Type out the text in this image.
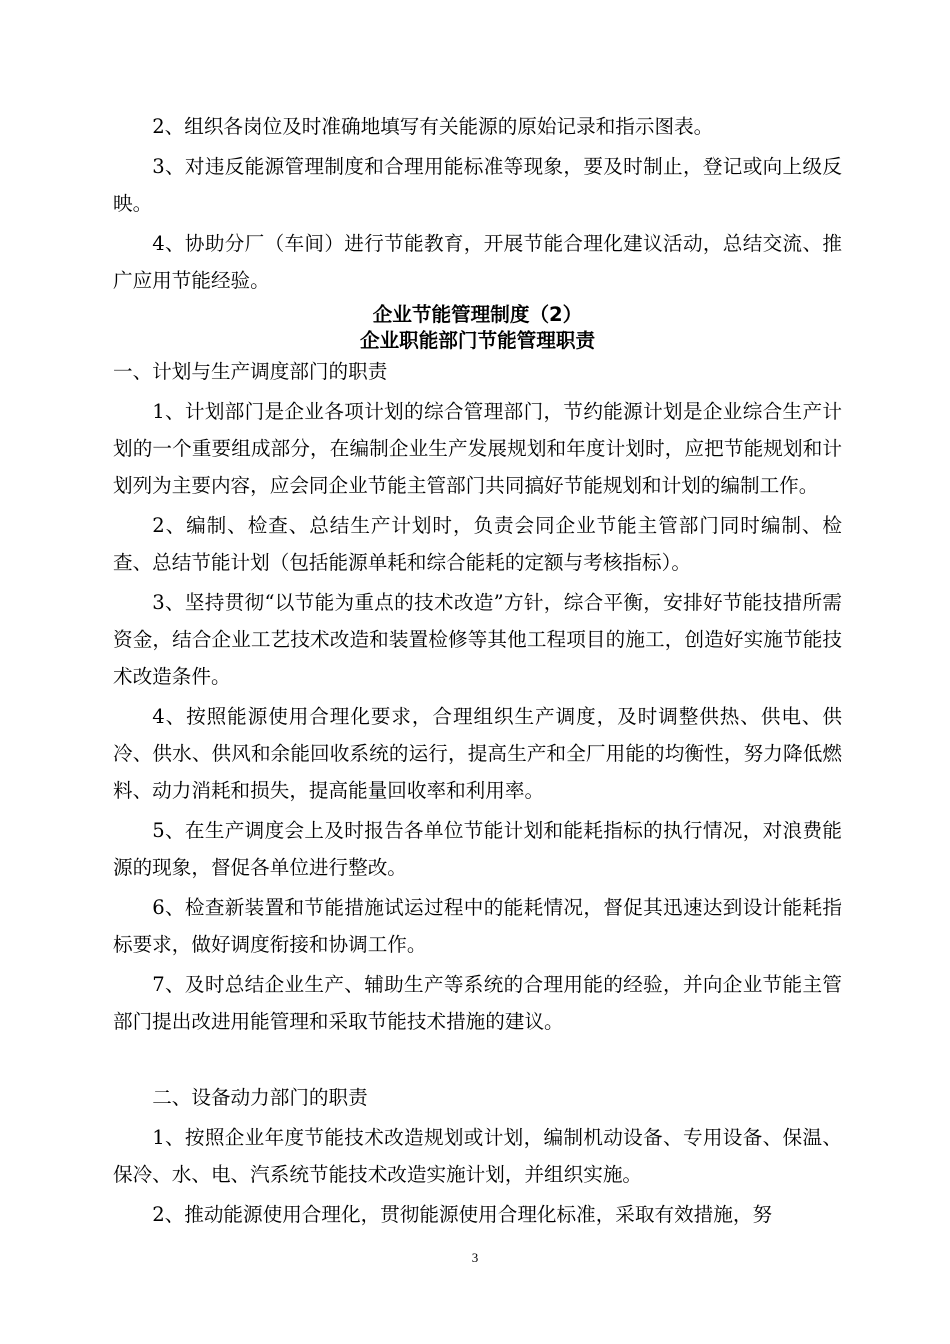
2、组织各岗位及时准确地填写有关能源的原始记录和指示图表。

3、对违反能源管理制度和合理用能标准等现象，要及时制止，登记或向上级反映。

4、协助分厂（车间）进行节能教育，开展节能合理化建议活动，总结交流、推广应用节能经验。

企业节能管理制度（2）
企业职能部门节能管理职责
一、计划与生产调度部门的职责

1、计划部门是企业各项计划的综合管理部门，节约能源计划是企业综合生产计划的一个重要组成部分，在编制企业生产发展规划和年度计划时，应把节能规划和计划列为主要内容，应会同企业节能主管部门共同搞好节能规划和计划的编制工作。

2、编制、检查、总结生产计划时，负责会同企业节能主管部门同时编制、检查、总结节能计划（包括能源单耗和综合能耗的定额与考核指标）。

3、坚持贯彻“以节能为重点的技术改造”方针，综合平衡，安排好节能技措所需资金，结合企业工艺技术改造和装置检修等其他工程项目的施工，创造好实施节能技术改造条件。

4、按照能源使用合理化要求，合理组织生产调度，及时调整供热、供电、供冷、供水、供风和余能回收系统的运行，提高生产和全厂用能的均衡性，努力降低燃料、动力消耗和损失，提高能量回收率和利用率。

5、在生产调度会上及时报告各单位节能计划和能耗指标的执行情况，对浪费能源的现象，督促各单位进行整改。

6、检查新装置和节能措施试运过程中的能耗情况，督促其迅速达到设计能耗指标要求，做好调度衔接和协调工作。

7、及时总结企业生产、辅助生产等系统的合理用能的经验，并向企业节能主管部门提出改进用能管理和采取节能技术措施的建议。

二、设备动力部门的职责

1、按照企业年度节能技术改造规划或计划，编制机动设备、专用设备、保温、保冷、水、电、汽系统节能技术改造实施计划，并组织实施。

2、推动能源使用合理化，贯彻能源使用合理化标准，采取有效措施，努

3
